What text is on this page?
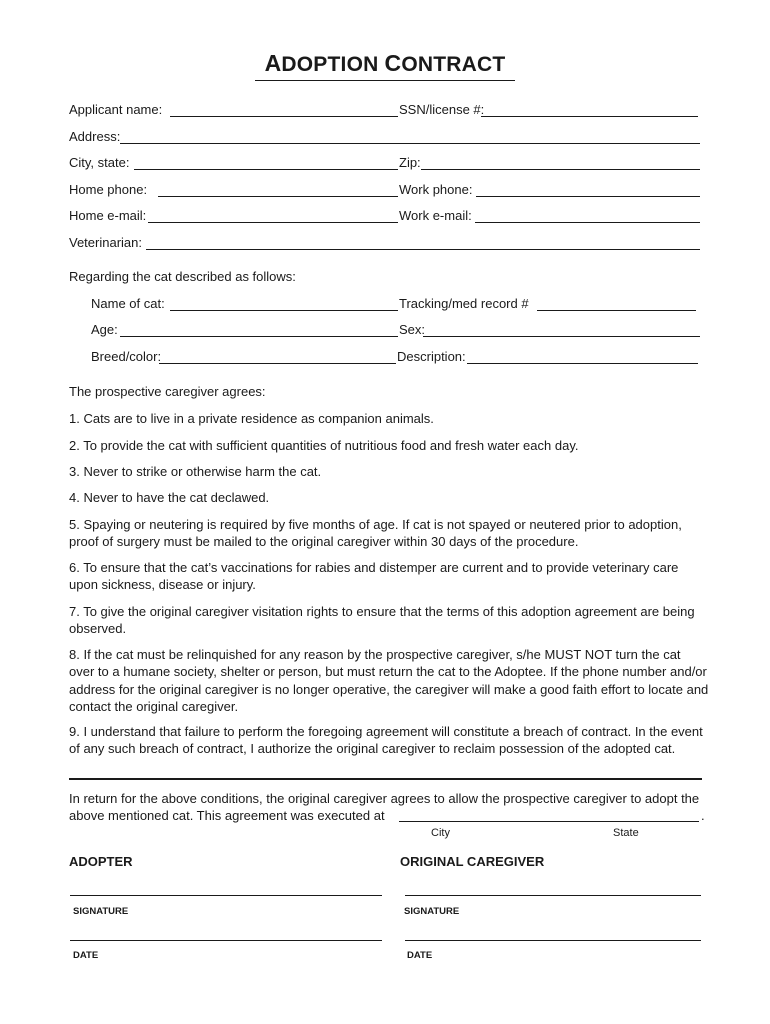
ADOPTION CONTRACT
Applicant name:	SSN/license #:
Address:
City, state:	Zip:
Home phone:	Work phone:
Home e-mail:	Work e-mail:
Veterinarian:
Regarding the cat described as follows:
Name of cat:	Tracking/med record #
Age:	Sex:
Breed/color:	Description:
The prospective caregiver agrees:
1. Cats are to live in a private residence as companion animals.
2. To provide the cat with sufficient quantities of nutritious food and fresh water each day.
3. Never to strike or otherwise harm the cat.
4. Never to have the cat declawed.
5. Spaying or neutering is required by five months of age. If cat is not spayed or neutered prior to adoption, proof of surgery must be mailed to the original caregiver within 30 days of the procedure.
6. To ensure that the cat’s vaccinations for rabies and distemper are current and to provide veterinary care upon sickness, disease or injury.
7. To give the original caregiver visitation rights to ensure that the terms of this adoption agreement are being observed.
8. If the cat must be relinquished for any reason by the prospective caregiver, s/he MUST NOT turn the cat over to a humane society, shelter or person, but must return the cat to the Adoptee. If the phone number and/or address for the original caregiver is no longer operative, the caregiver will make a good faith effort to locate and contact the original caregiver.
9. I understand that failure to perform the foregoing agreement will constitute a breach of contract. In the event of any such breach of contract, I authorize the original caregiver to reclaim possession of the adopted cat.
In return for the above conditions, the original caregiver agrees to allow the prospective caregiver to adopt the
above mentioned cat. This agreement was executed at	.
City	State
ADOPTER	ORIGINAL CAREGIVER
SIGNATURE	SIGNATURE
DATE	DATE
